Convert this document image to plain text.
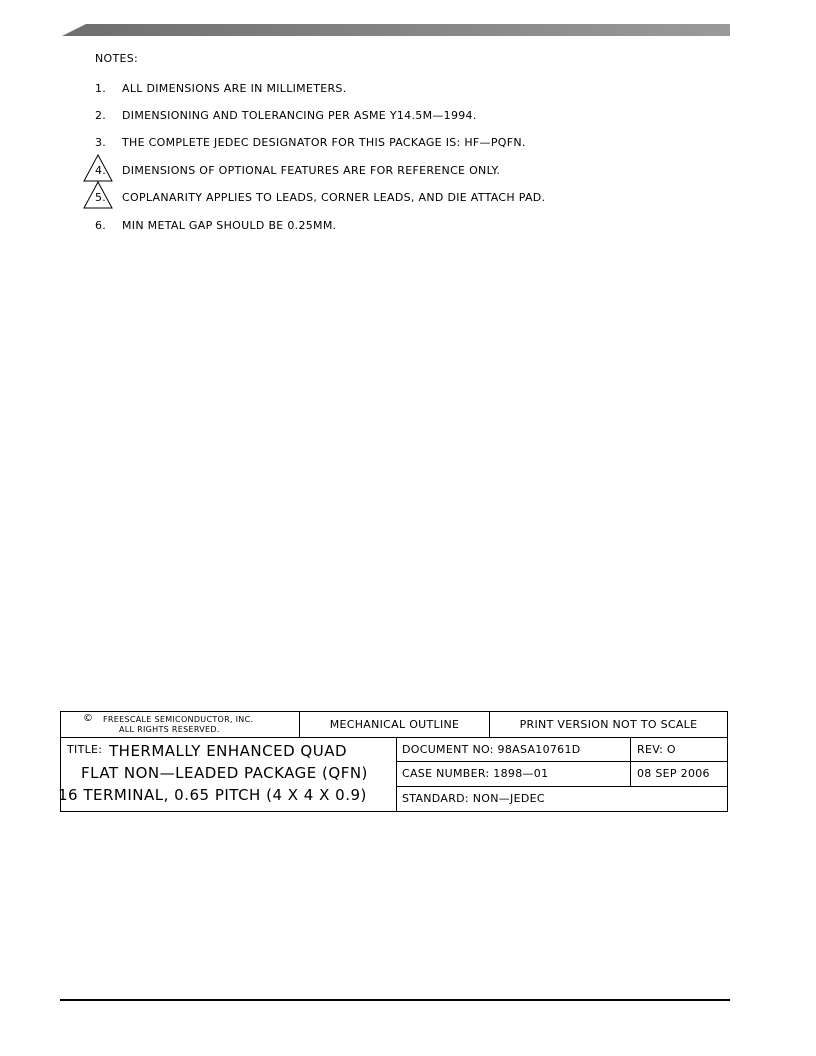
NOTES:
1. ALL DIMENSIONS ARE IN MILLIMETERS.
2. DIMENSIONING AND TOLERANCING PER ASME Y14.5M—1994.
3. THE COMPLETE JEDEC DESIGNATOR FOR THIS PACKAGE IS: HF—PQFN.
4. DIMENSIONS OF OPTIONAL FEATURES ARE FOR REFERENCE ONLY.
5. COPLANARITY APPLIES TO LEADS, CORNER LEADS, AND DIE ATTACH PAD.
6. MIN METAL GAP SHOULD BE 0.25MM.
© FREESCALE SEMICONDUCTOR, INC.
ALL RIGHTS RESERVED.	MECHANICAL OUTLINE	PRINT VERSION NOT TO SCALE
TITLE: THERMALLY ENHANCED QUAD
FLAT NON—LEADED PACKAGE (QFN)
16 TERMINAL, 0.65 PITCH (4 X 4 X 0.9)
DOCUMENT NO: 98ASA10761D	REV: O
CASE NUMBER: 1898—01	08 SEP 2006
STANDARD: NON—JEDEC
